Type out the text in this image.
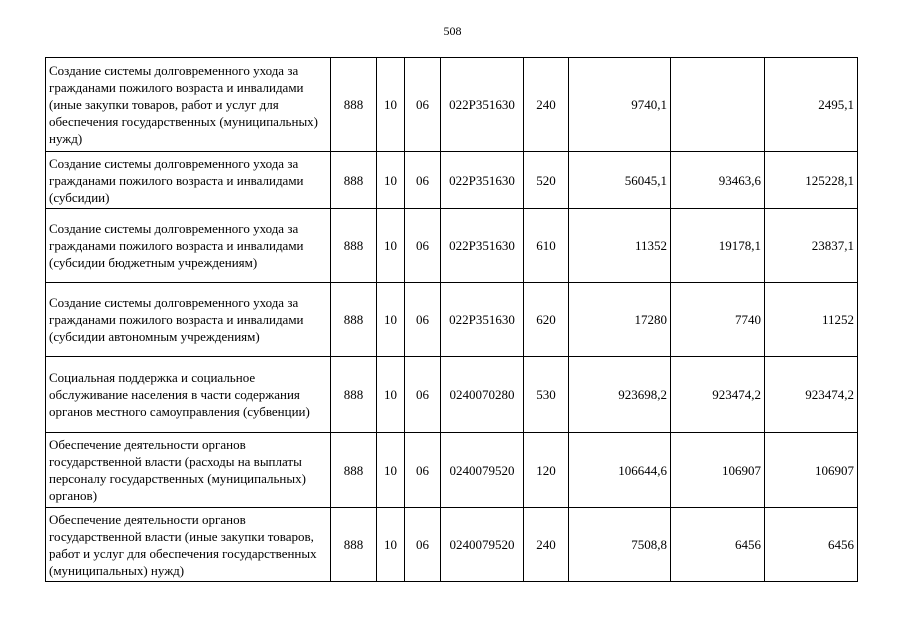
508
Создание системы долговременного ухода за гражданами пожилого возраста и инвалидами (иные закупки товаров, работ и услуг для обеспечения государственных (муниципальных) нужд)	888	10	06	022P351630	240	9740,1		2495,1
Создание системы долговременного ухода за гражданами пожилого возраста и инвалидами (субсидии)	888	10	06	022P351630	520	56045,1	93463,6	125228,1
Создание системы долговременного ухода за гражданами пожилого возраста и инвалидами (субсидии бюджетным учреждениям)	888	10	06	022P351630	610	11352	19178,1	23837,1
Создание системы долговременного ухода за гражданами пожилого возраста и инвалидами (субсидии автономным учреждениям)	888	10	06	022P351630	620	17280	7740	11252
Социальная поддержка и социальное обслуживание населения в части содержания органов местного самоуправления (субвенции)	888	10	06	0240070280	530	923698,2	923474,2	923474,2
Обеспечение деятельности органов государственной власти (расходы на выплаты персоналу государственных (муниципальных) органов)	888	10	06	0240079520	120	106644,6	106907	106907
Обеспечение деятельности органов государственной власти (иные закупки товаров, работ и услуг для обеспечения государственных (муниципальных) нужд)	888	10	06	0240079520	240	7508,8	6456	6456
